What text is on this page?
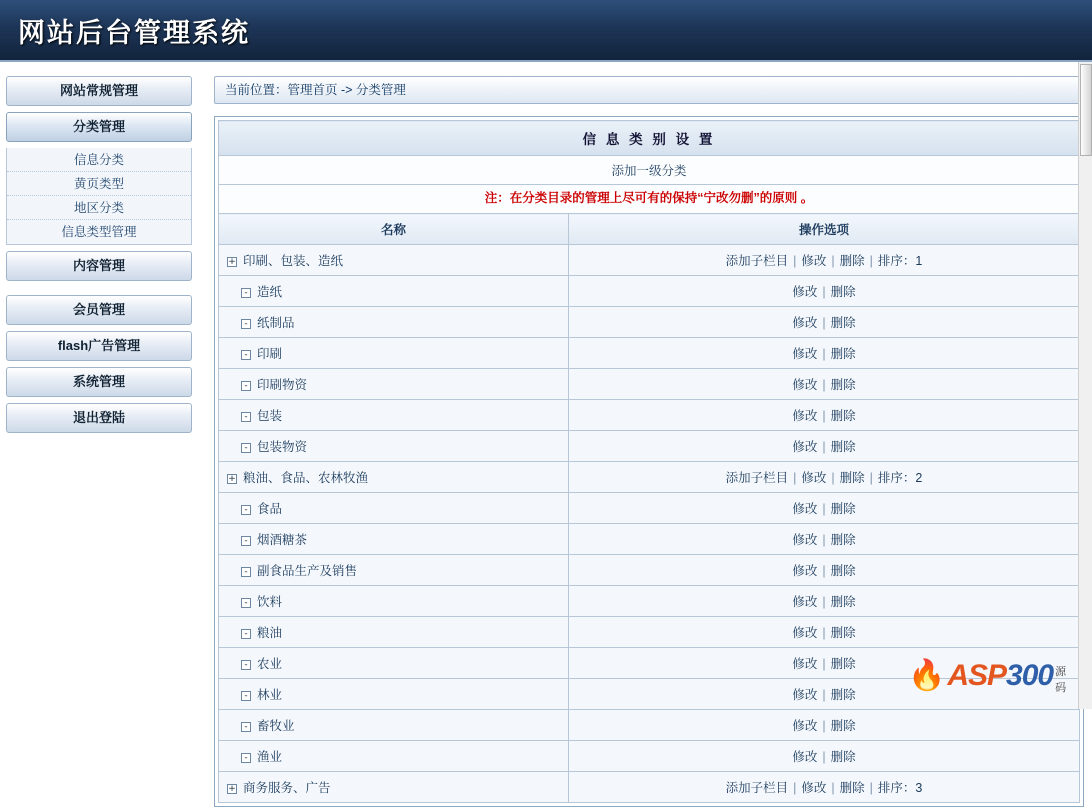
网站后台管理系统
网站常规管理
分类管理
信息分类
黄页类型
地区分类
信息类型管理
内容管理
会员管理
flash广告管理
系统管理
退出登陆
当前位置：管理首页 -> 分类管理
信 息 类 别 设 置	
添加一级分类	
注：在分类目录的管理上尽可有的保持“宁改勿删”的原则 。	
名称	操作选项
+ 印刷、包装、造纸	添加子栏目 | 修改 | 删除 | 排序：1
- 造纸	修改 | 删除
- 纸制品	修改 | 删除
- 印刷	修改 | 删除
- 印刷物资	修改 | 删除
- 包装	修改 | 删除
- 包装物资	修改 | 删除
+ 粮油、食品、农林牧渔	添加子栏目 | 修改 | 删除 | 排序：2
- 食品	修改 | 删除
- 烟酒糖茶	修改 | 删除
- 副食品生产及销售	修改 | 删除
- 饮料	修改 | 删除
- 粮油	修改 | 删除
- 农业	修改 | 删除
- 林业	修改 | 删除
- 畜牧业	修改 | 删除
- 渔业	修改 | 删除
+ 商务服务、广告	添加子栏目 | 修改 | 删除 | 排序：3
🔥 ASP300 源码
